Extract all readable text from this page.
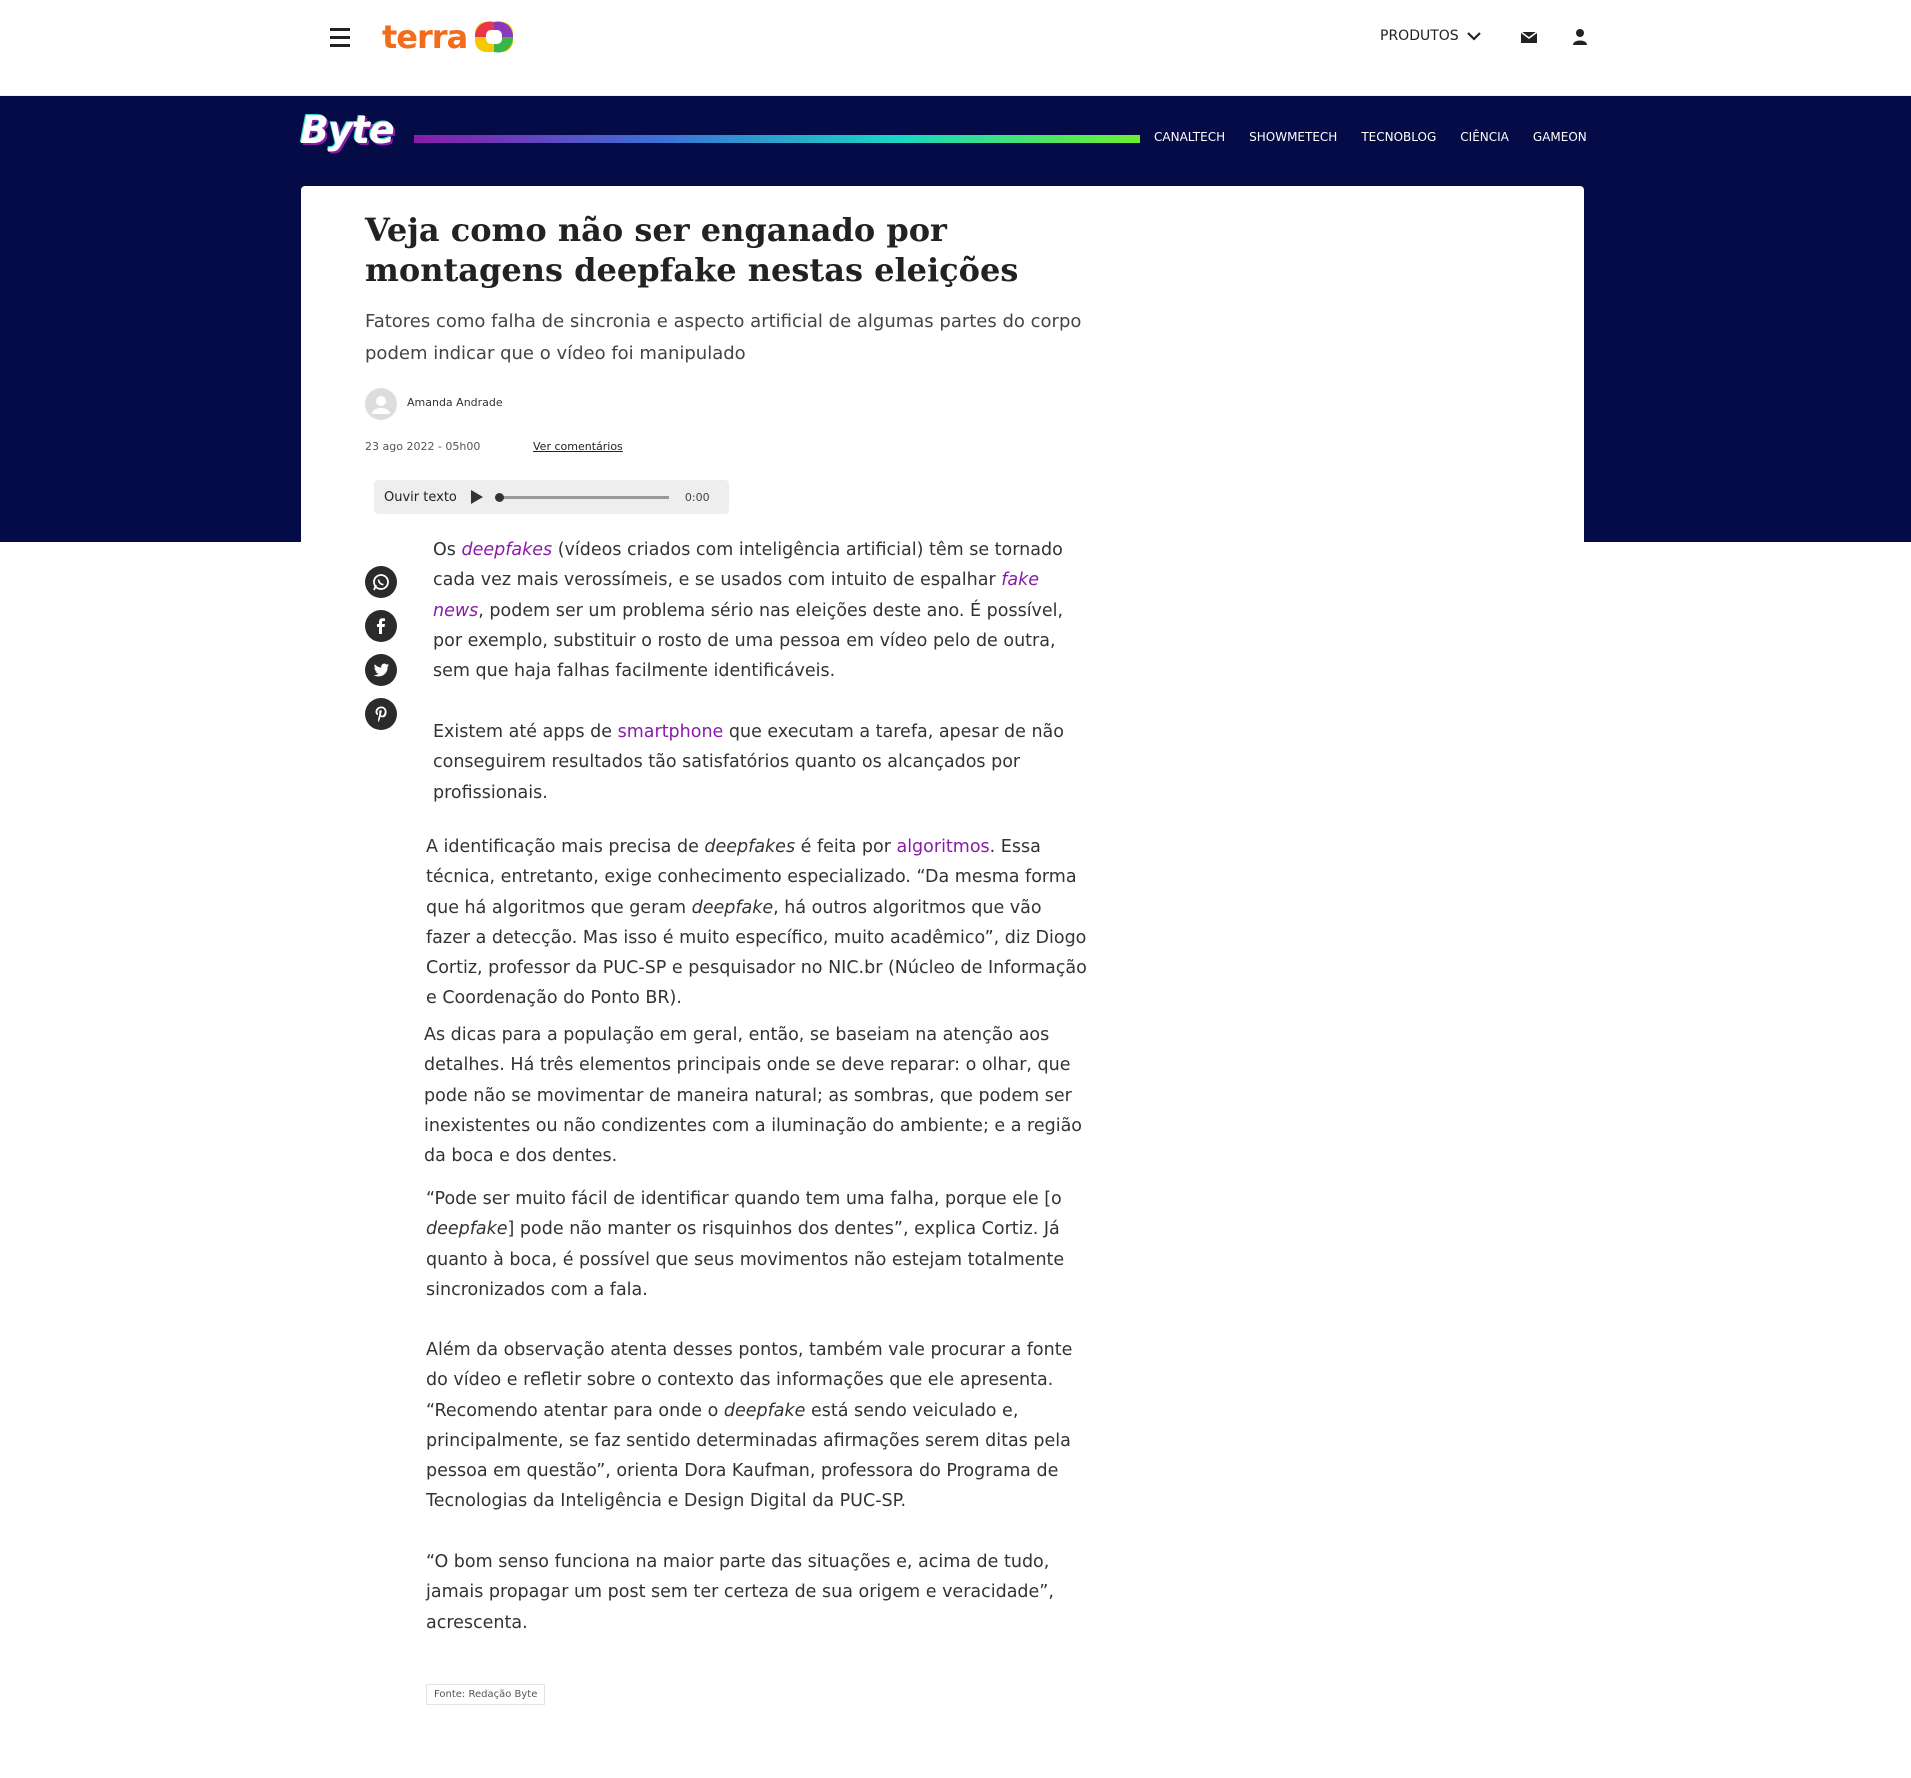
terra	PRODUTOS
Byte	CANALTECH SHOWMETECH TECNOBLOG CIÊNCIA GAMEON
Veja como não ser enganado por montagens deepfake nestas eleições

Fatores como falha de sincronia e aspecto artificial de algumas partes do corpo podem indicar que o vídeo foi manipulado

Amanda Andrade
23 ago 2022 - 05h00	Ver comentários
Ouvir texto	0:00

Os deepfakes (vídeos criados com inteligência artificial) têm se tornado cada vez mais verossímeis, e se usados com intuito de espalhar fake news, podem ser um problema sério nas eleições deste ano. É possível, por exemplo, substituir o rosto de uma pessoa em vídeo pelo de outra, sem que haja falhas facilmente identificáveis.

Existem até apps de smartphone que executam a tarefa, apesar de não conseguirem resultados tão satisfatórios quanto os alcançados por profissionais.

A identificação mais precisa de deepfakes é feita por algoritmos. Essa técnica, entretanto, exige conhecimento especializado. “Da mesma forma que há algoritmos que geram deepfake, há outros algoritmos que vão fazer a detecção. Mas isso é muito específico, muito acadêmico”, diz Diogo Cortiz, professor da PUC-SP e pesquisador no NIC.br (Núcleo de Informação e Coordenação do Ponto BR).

As dicas para a população em geral, então, se baseiam na atenção aos detalhes. Há três elementos principais onde se deve reparar: o olhar, que pode não se movimentar de maneira natural; as sombras, que podem ser inexistentes ou não condizentes com a iluminação do ambiente; e a região da boca e dos dentes.

“Pode ser muito fácil de identificar quando tem uma falha, porque ele [o deepfake] pode não manter os risquinhos dos dentes”, explica Cortiz. Já quanto à boca, é possível que seus movimentos não estejam totalmente sincronizados com a fala.

Além da observação atenta desses pontos, também vale procurar a fonte do vídeo e refletir sobre o contexto das informações que ele apresenta. “Recomendo atentar para onde o deepfake está sendo veiculado e, principalmente, se faz sentido determinadas afirmações serem ditas pela pessoa em questão”, orienta Dora Kaufman, professora do Programa de Tecnologias da Inteligência e Design Digital da PUC-SP.

“O bom senso funciona na maior parte das situações e, acima de tudo, jamais propagar um post sem ter certeza de sua origem e veracidade”, acrescenta.

Fonte: Redação Byte
